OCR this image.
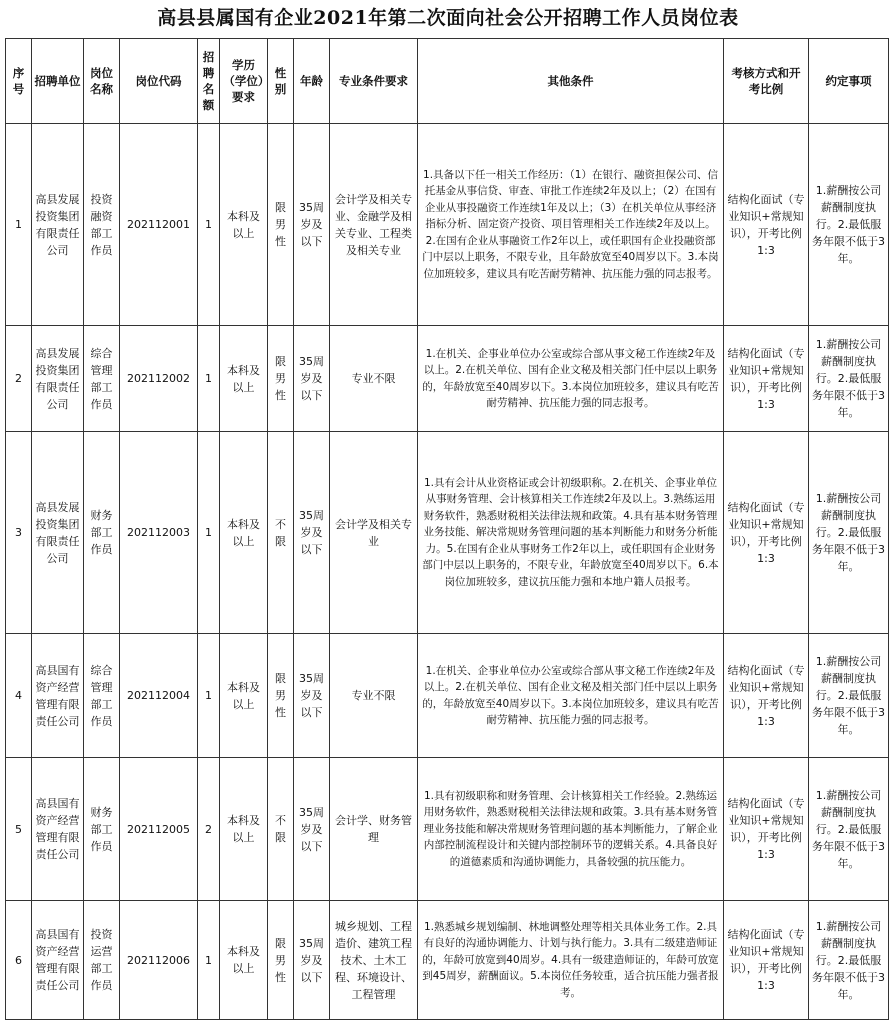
高县县属国有企业2021年第二次面向社会公开招聘工作人员岗位表
序号	招聘单位	岗位名称	岗位代码	招聘名额	学历（学位）要求	性别	年龄	专业条件要求	其他条件	考核方式和开考比例	约定事项
1	高县发展投资集团有限责任公司	投资融资部工作员	202112001	1	本科及以上	限男性	35周岁及以下	会计学及相关专业、金融学及相关专业、工程类及相关专业	1.具备以下任一相关工作经历：（1）在银行、融资担保公司、信托基金从事信贷、审查、审批工作连续2年及以上；（2）在国有企业从事投融资工作连续1年及以上；（3）在机关单位从事经济指标分析、固定资产投资、项目管理相关工作连续2年及以上。2.在国有企业从事融资工作2年以上，或任职国有企业投融资部门中层以上职务，不限专业，且年龄放宽至40周岁以下。3.本岗位加班较多，建议具有吃苦耐劳精神、抗压能力强的同志报考。	结构化面试（专业知识+常规知识），开考比例1:3	1.薪酬按公司薪酬制度执行。2.最低服务年限不低于3年。
2	高县发展投资集团有限责任公司	综合管理部工作员	202112002	1	本科及以上	限男性	35周岁及以下	专业不限	1.在机关、企事业单位办公室或综合部从事文秘工作连续2年及以上。2.在机关单位、国有企业文秘及相关部门任中层以上职务的，年龄放宽至40周岁以下。3.本岗位加班较多，建议具有吃苦耐劳精神、抗压能力强的同志报考。	结构化面试（专业知识+常规知识），开考比例1:3	1.薪酬按公司薪酬制度执行。2.最低服务年限不低于3年。
3	高县发展投资集团有限责任公司	财务部工作员	202112003	1	本科及以上	不限	35周岁及以下	会计学及相关专业	1.具有会计从业资格证或会计初级职称。2.在机关、企事业单位从事财务管理、会计核算相关工作连续2年及以上。3.熟练运用财务软件，熟悉财税相关法律法规和政策。4.具有基本财务管理业务技能、解决常规财务管理问题的基本判断能力和财务分析能力。5.在国有企业从事财务工作2年以上，或任职国有企业财务部门中层以上职务的，不限专业，年龄放宽至40周岁以下。6.本岗位加班较多，建议抗压能力强和本地户籍人员报考。	结构化面试（专业知识+常规知识），开考比例1:3	1.薪酬按公司薪酬制度执行。2.最低服务年限不低于3年。
4	高县国有资产经营管理有限责任公司	综合管理部工作员	202112004	1	本科及以上	限男性	35周岁及以下	专业不限	1.在机关、企事业单位办公室或综合部从事文秘工作连续2年及以上。2.在机关单位、国有企业文秘及相关部门任中层以上职务的，年龄放宽至40周岁以下。3.本岗位加班较多，建议具有吃苦耐劳精神、抗压能力强的同志报考。	结构化面试（专业知识+常规知识），开考比例1:3	1.薪酬按公司薪酬制度执行。2.最低服务年限不低于3年。
5	高县国有资产经营管理有限责任公司	财务部工作员	202112005	2	本科及以上	不限	35周岁及以下	会计学、财务管理	1.具有初级职称和财务管理、会计核算相关工作经验。2.熟练运用财务软件，熟悉财税相关法律法规和政策。3.具有基本财务管理业务技能和解决常规财务管理问题的基本判断能力，了解企业内部控制流程设计和关键内部控制环节的逻辑关系。4.具备良好的道德素质和沟通协调能力，具备较强的抗压能力。	结构化面试（专业知识+常规知识），开考比例1:3	1.薪酬按公司薪酬制度执行。2.最低服务年限不低于3年。
6	高县国有资产经营管理有限责任公司	投资运营部工作员	202112006	1	本科及以上	限男性	35周岁及以下	城乡规划、工程造价、建筑工程技术、土木工程、环境设计、工程管理	1.熟悉城乡规划编制、林地调整处理等相关具体业务工作。2.具有良好的沟通协调能力、计划与执行能力。3.具有二级建造师证的，年龄可放宽到40周岁。4.具有一级建造师证的，年龄可放宽到45周岁，薪酬面议。5.本岗位任务较重，适合抗压能力强者报考。	结构化面试（专业知识+常规知识），开考比例1:3	1.薪酬按公司薪酬制度执行。2.最低服务年限不低于3年。
